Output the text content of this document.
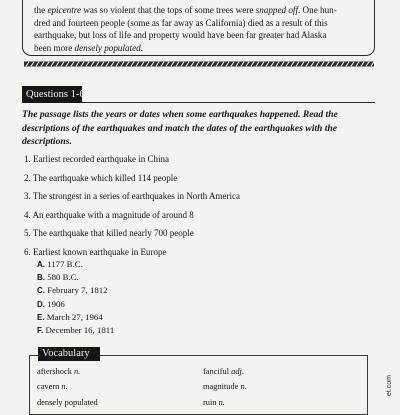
the epicentre was so violent that the tops of some trees were snapped off. One hun-
dred and fourteen people (some as far away as California) died as a result of this
earthquake, but loss of life and property would have been far greater had Alaska
been more densely populated.

Questions 1-6

The passage lists the years or dates when some earthquakes happened. Read the descriptions of the earthquakes and match the dates of the earthquakes with the descriptions.

1. Earliest recorded earthquake in China
2. The earthquake which killed 114 people
3. The strongest in a series of earthquakes in North America
4. An earthquake with a magnitude of around 8
5. The earthquake that killed nearly 700 people
6. Earliest known earthquake in Europe
A. 1177 B.C.
B. 580 B.C.
C. February 7, 1812
D. 1906
E. March 27, 1964
F. December 16, 1811
Vocabulary
aftershock n.
cavern n.
densely populated
fanciful adj.
magnitude n.
ruin n.
et.com
